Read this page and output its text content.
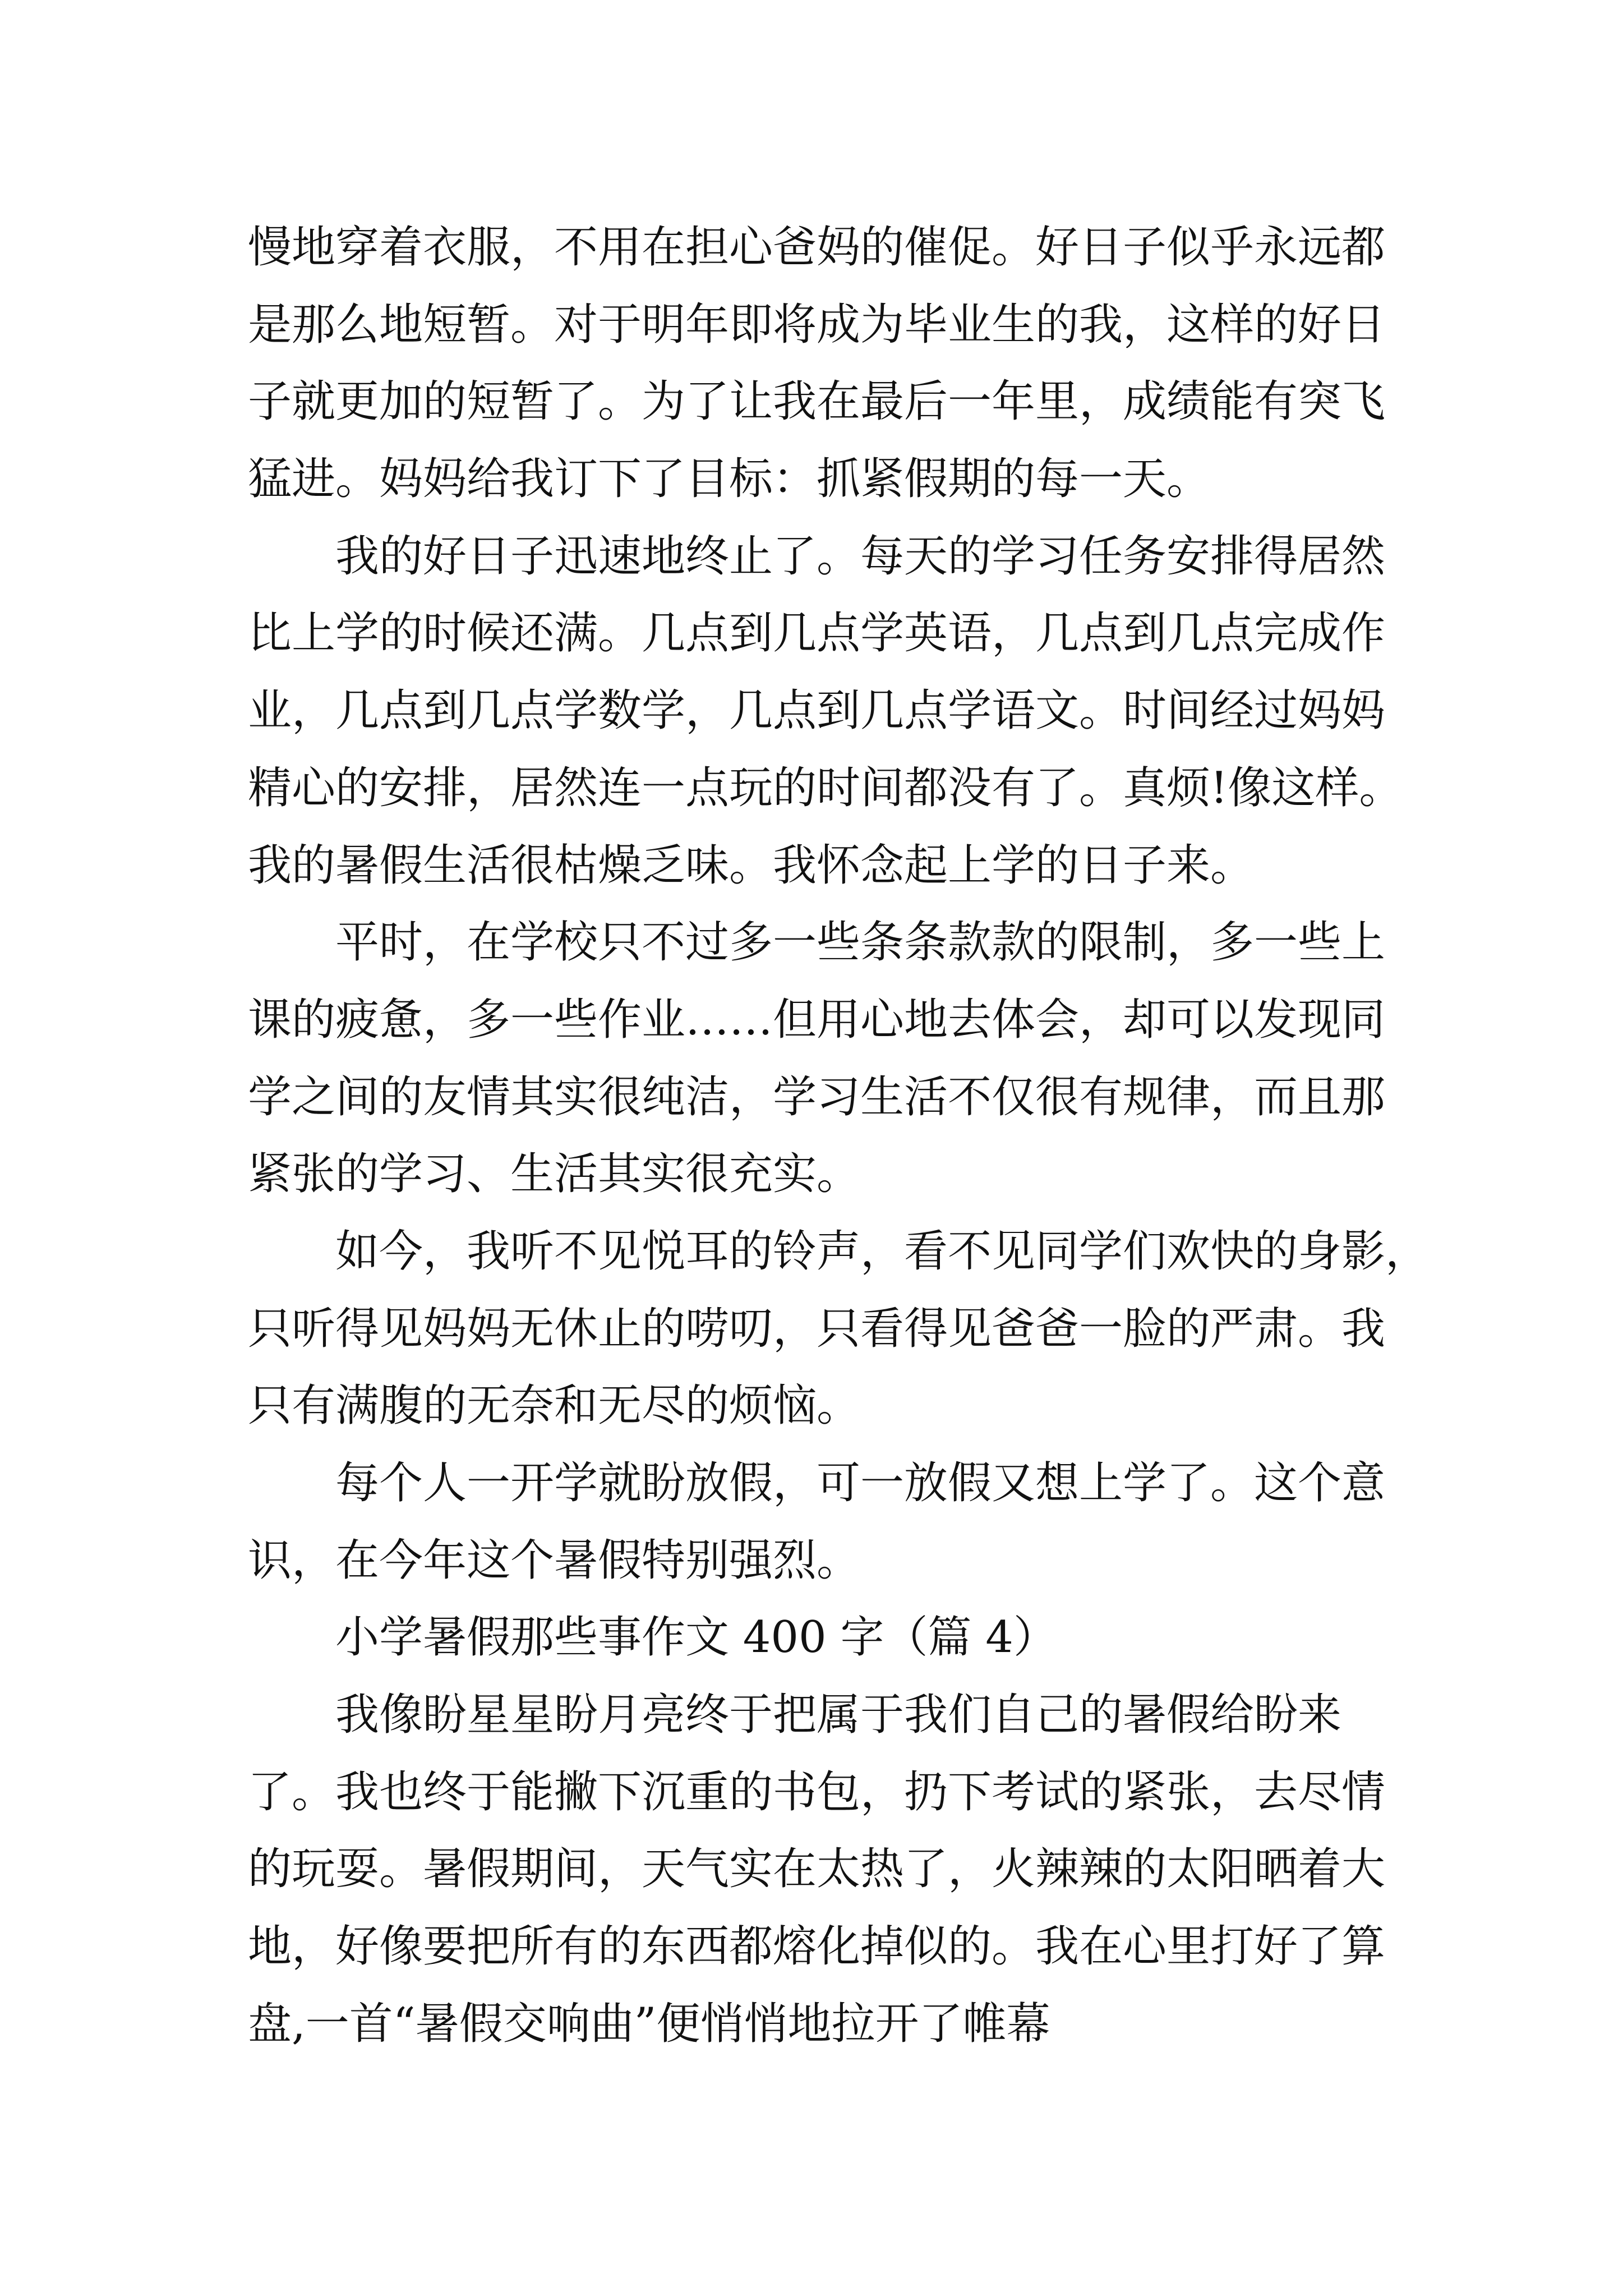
慢地穿着衣服，不用在担心爸妈的催促。好日子似乎永远都
是那么地短暂。对于明年即将成为毕业生的我，这样的好日
子就更加的短暂了。为了让我在最后一年里，成绩能有突飞
猛进。妈妈给我订下了目标：抓紧假期的每一天。
我的好日子迅速地终止了。每天的学习任务安排得居然
比上学的时候还满。几点到几点学英语，几点到几点完成作
业，几点到几点学数学，几点到几点学语文。时间经过妈妈
精心的安排，居然连一点玩的时间都没有了。真烦!像这样。
我的暑假生活很枯燥乏味。我怀念起上学的日子来。
平时，在学校只不过多一些条条款款的限制，多一些上
课的疲惫，多一些作业……但用心地去体会，却可以发现同
学之间的友情其实很纯洁，学习生活不仅很有规律，而且那
紧张的学习、生活其实很充实。
如今，我听不见悦耳的铃声，看不见同学们欢快的身影，
只听得见妈妈无休止的唠叨，只看得见爸爸一脸的严肃。我
只有满腹的无奈和无尽的烦恼。
每个人一开学就盼放假，可一放假又想上学了。这个意
识，在今年这个暑假特别强烈。
小学暑假那些事作文 400 字（篇 4）
我像盼星星盼月亮终于把属于我们自己的暑假给盼来
了。我也终于能撇下沉重的书包，扔下考试的紧张，去尽情
的玩耍。暑假期间，天气实在太热了，火辣辣的太阳晒着大
地，好像要把所有的东西都熔化掉似的。我在心里打好了算
盘,一首“暑假交响曲”便悄悄地拉开了帷幕
